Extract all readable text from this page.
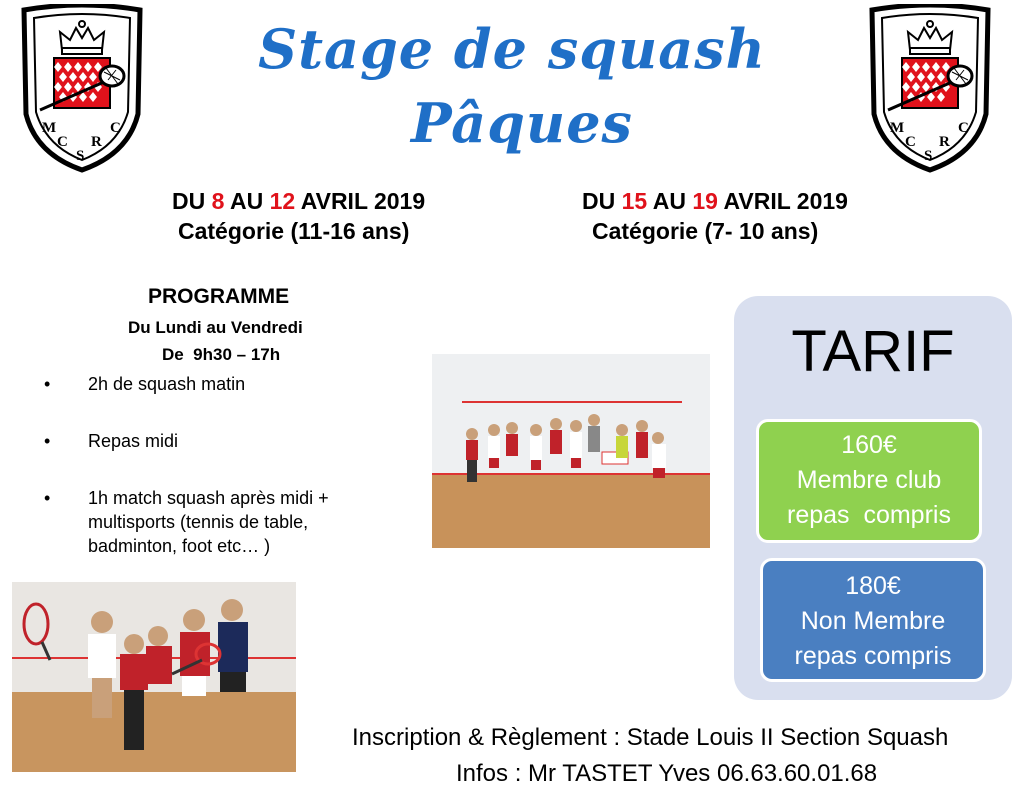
M
C
S
R
C	M
C
S
R
C
Stage de squash
Pâques
DU 8 AU 12 AVRIL 2019
Catégorie (11-16 ans)
DU 15 AU 19 AVRIL 2019
Catégorie (7- 10 ans)
PROGRAMME
Du Lundi au Vendredi
De  9h30 – 17h
• 2h de squash matin
• Repas midi
• 1h match squash après midi + multisports (tennis de table, badminton, foot etc… )
TARIF
160€
Membre club
repas  compris
180€
Non Membre
repas compris
Inscription & Règlement : Stade Louis II Section Squash
Infos : Mr TASTET Yves 06.63.60.01.68
